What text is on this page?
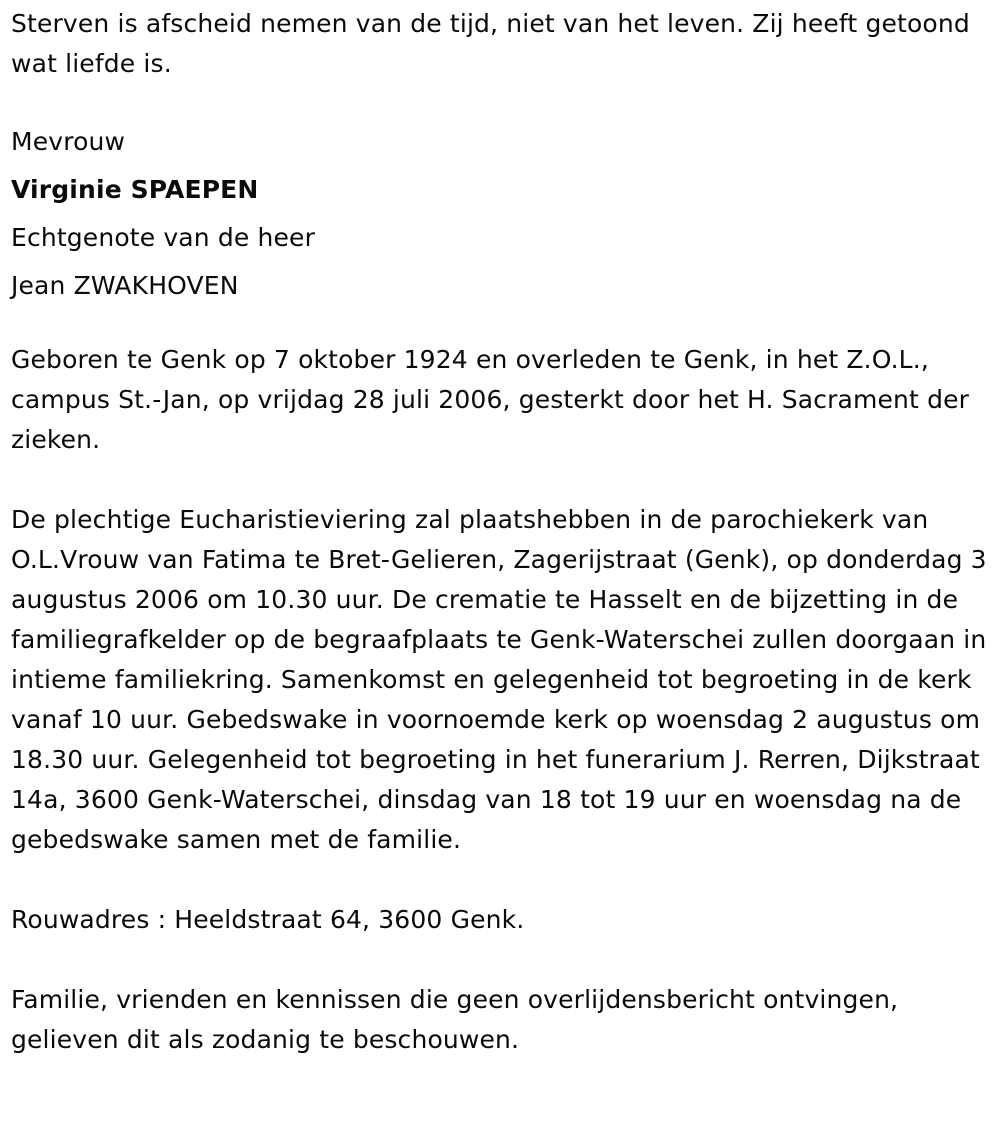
Sterven is afscheid nemen van de tijd, niet van het leven. Zij heeft getoond wat liefde is.

Mevrouw

Virginie SPAEPEN

Echtgenote van de heer

Jean ZWAKHOVEN

Geboren te Genk op 7 oktober 1924 en overleden te Genk, in het Z.O.L., campus St.-Jan, op vrijdag 28 juli 2006, gesterkt door het H. Sacrament der zieken.

De plechtige Eucharistieviering zal plaatshebben in de parochiekerk van O.L.Vrouw van Fatima te Bret-Gelieren, Zagerijstraat (Genk), op donderdag 3 augustus 2006 om 10.30 uur. De crematie te Hasselt en de bijzetting in de familiegrafkelder op de begraafplaats te Genk-Waterschei zullen doorgaan in intieme familiekring. Samenkomst en gelegenheid tot begroeting in de kerk vanaf 10 uur. Gebedswake in voornoemde kerk op woensdag 2 augustus om 18.30 uur. Gelegenheid tot begroeting in het funerarium J. Rerren, Dijkstraat 14a, 3600 Genk-Waterschei, dinsdag van 18 tot 19 uur en woensdag na de gebedswake samen met de familie.

Rouwadres : Heeldstraat 64, 3600 Genk.

Familie, vrienden en kennissen die geen overlijdensbericht ontvingen, gelieven dit als zodanig te beschouwen.
